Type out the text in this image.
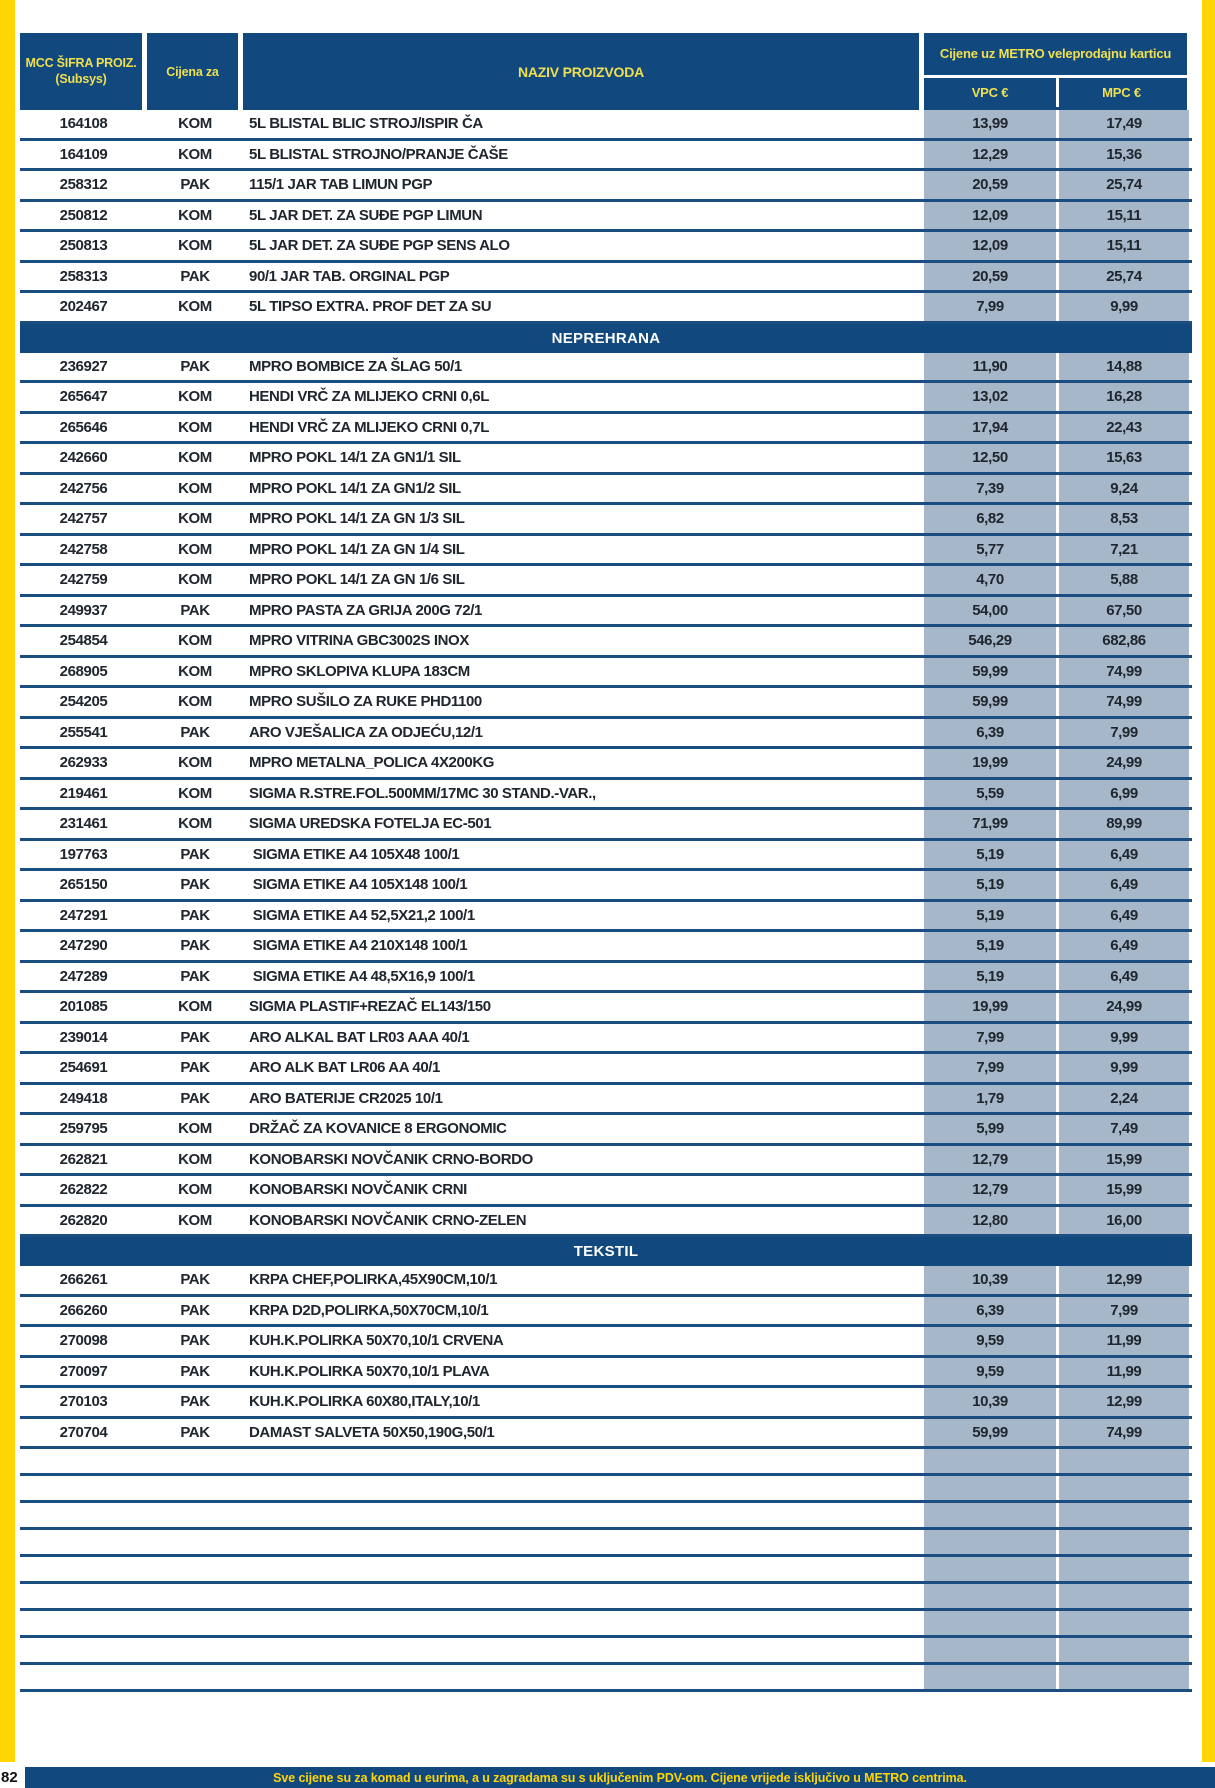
MCC ŠIFRA PROIZ.
(Subsys)	Cijena za	NAZIV PROIZVODA
Cijene uz METRO veleprodajnu karticu
VPC €	MPC €
164108	KOM	5L BLISTAL BLIC STROJ/ISPIR ČA	13,99	17,49
164109	KOM	5L BLISTAL STROJNO/PRANJE ČAŠE	12,29	15,36
258312	PAK	115/1 JAR TAB LIMUN PGP	20,59	25,74
250812	KOM	5L JAR DET. ZA SUĐE PGP LIMUN	12,09	15,11
250813	KOM	5L JAR DET. ZA SUĐE PGP SENS ALO	12,09	15,11
258313	PAK	90/1 JAR TAB. ORGINAL PGP	20,59	25,74
202467	KOM	5L TIPSO EXTRA. PROF DET ZA SU	7,99	9,99
NEPREHRANA
236927	PAK	MPRO BOMBICE ZA ŠLAG 50/1	11,90	14,88
265647	KOM	HENDI VRČ ZA MLIJEKO CRNI 0,6L	13,02	16,28
265646	KOM	HENDI VRČ ZA MLIJEKO CRNI 0,7L	17,94	22,43
242660	KOM	MPRO POKL 14/1 ZA GN1/1 SIL	12,50	15,63
242756	KOM	MPRO POKL 14/1 ZA GN1/2 SIL	7,39	9,24
242757	KOM	MPRO POKL 14/1 ZA GN 1/3 SIL	6,82	8,53
242758	KOM	MPRO POKL 14/1 ZA GN 1/4 SIL	5,77	7,21
242759	KOM	MPRO POKL 14/1 ZA GN 1/6 SIL	4,70	5,88
249937	PAK	MPRO PASTA ZA GRIJA 200G 72/1	54,00	67,50
254854	KOM	MPRO VITRINA GBC3002S INOX	546,29	682,86
268905	KOM	MPRO SKLOPIVA KLUPA 183CM	59,99	74,99
254205	KOM	MPRO SUŠILO ZA RUKE PHD1100	59,99	74,99
255541	PAK	ARO VJEŠALICA ZA ODJEĆU,12/1	6,39	7,99
262933	KOM	MPRO METALNA_POLICA 4X200KG	19,99	24,99
219461	KOM	SIGMA R.STRE.FOL.500MM/17MC 30 STAND.-VAR.,	5,59	6,99
231461	KOM	SIGMA UREDSKA FOTELJA EC-501	71,99	89,99
197763	PAK	SIGMA ETIKE A4 105X48 100/1	5,19	6,49
265150	PAK	SIGMA ETIKE A4 105X148 100/1	5,19	6,49
247291	PAK	SIGMA ETIKE A4 52,5X21,2 100/1	5,19	6,49
247290	PAK	SIGMA ETIKE A4 210X148 100/1	5,19	6,49
247289	PAK	SIGMA ETIKE A4 48,5X16,9 100/1	5,19	6,49
201085	KOM	SIGMA PLASTIF+REZAČ EL143/150	19,99	24,99
239014	PAK	ARO ALKAL BAT LR03 AAA 40/1	7,99	9,99
254691	PAK	ARO ALK BAT LR06 AA 40/1	7,99	9,99
249418	PAK	ARO BATERIJE CR2025 10/1	1,79	2,24
259795	KOM	DRŽAČ ZA KOVANICE 8 ERGONOMIC	5,99	7,49
262821	KOM	KONOBARSKI NOVČANIK CRNO-BORDO	12,79	15,99
262822	KOM	KONOBARSKI NOVČANIK CRNI	12,79	15,99
262820	KOM	KONOBARSKI NOVČANIK CRNO-ZELEN	12,80	16,00
TEKSTIL
266261	PAK	KRPA CHEF,POLIRKA,45X90CM,10/1	10,39	12,99
266260	PAK	KRPA D2D,POLIRKA,50X70CM,10/1	6,39	7,99
270098	PAK	KUH.K.POLIRKA 50X70,10/1 CRVENA	9,59	11,99
270097	PAK	KUH.K.POLIRKA 50X70,10/1 PLAVA	9,59	11,99
270103	PAK	KUH.K.POLIRKA 60X80,ITALY,10/1	10,39	12,99
270704	PAK	DAMAST SALVETA 50X50,190G,50/1	59,99	74,99
82	Sve cijene su za komad u eurima, a u zagradama su s uključenim PDV-om. Cijene vrijede isključivo u METRO centrima.
